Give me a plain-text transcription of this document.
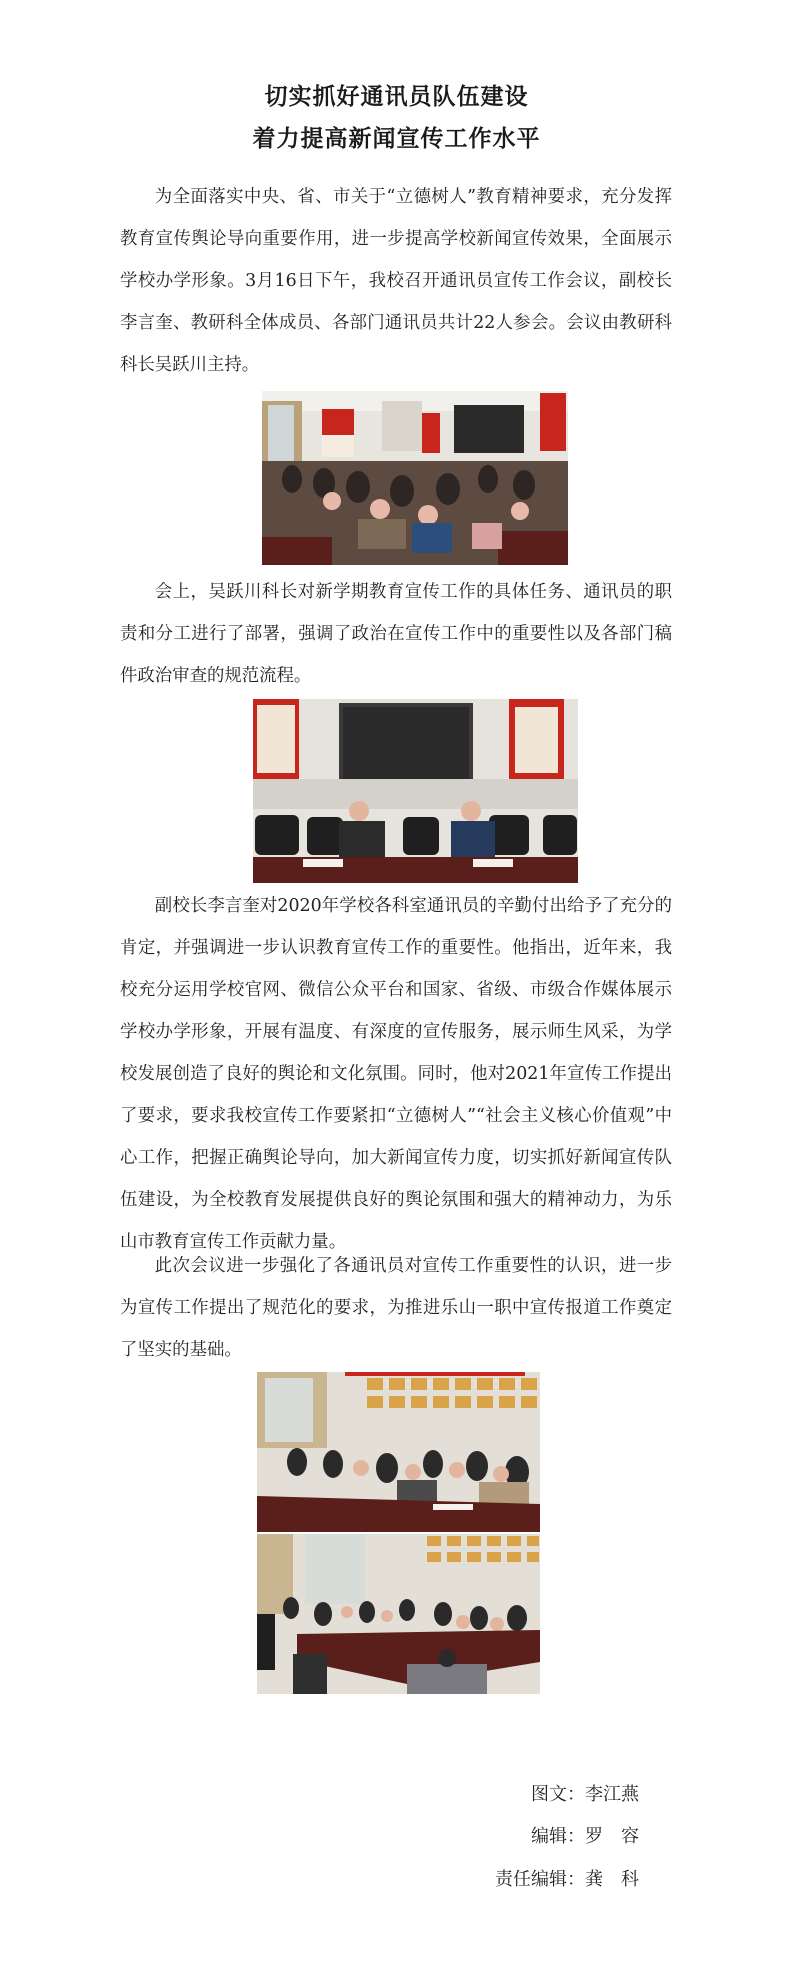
切实抓好通讯员队伍建设
着力提高新闻宣传工作水平

为全面落实中央、省、市关于“立德树人”教育精神要求，充分发挥教育宣传舆论导向重要作用，进一步提高学校新闻宣传效果，全面展示学校办学形象。3月16日下午，我校召开通讯员宣传工作会议，副校长李言奎、教研科全体成员、各部门通讯员共计22人参会。会议由教研科科长吴跃川主持。

会上，吴跃川科长对新学期教育宣传工作的具体任务、通讯员的职责和分工进行了部署，强调了政治在宣传工作中的重要性以及各部门稿件政治审查的规范流程。

副校长李言奎对2020年学校各科室通讯员的辛勤付出给予了充分的肯定，并强调进一步认识教育宣传工作的重要性。他指出，近年来，我校充分运用学校官网、微信公众平台和国家、省级、市级合作媒体展示学校办学形象，开展有温度、有深度的宣传服务，展示师生风采，为学校发展创造了良好的舆论和文化氛围。同时，他对2021年宣传工作提出了要求，要求我校宣传工作要紧扣“立德树人”“社会主义核心价值观”中心工作，把握正确舆论导向，加大新闻宣传力度，切实抓好新闻宣传队伍建设，为全校教育发展提供良好的舆论氛围和强大的精神动力，为乐山市教育宣传工作贡献力量。

此次会议进一步强化了各通讯员对宣传工作重要性的认识，进一步为宣传工作提出了规范化的要求，为推进乐山一职中宣传报道工作奠定了坚实的基础。

图文：李江燕
编辑：罗　容
责任编辑：龚　科
